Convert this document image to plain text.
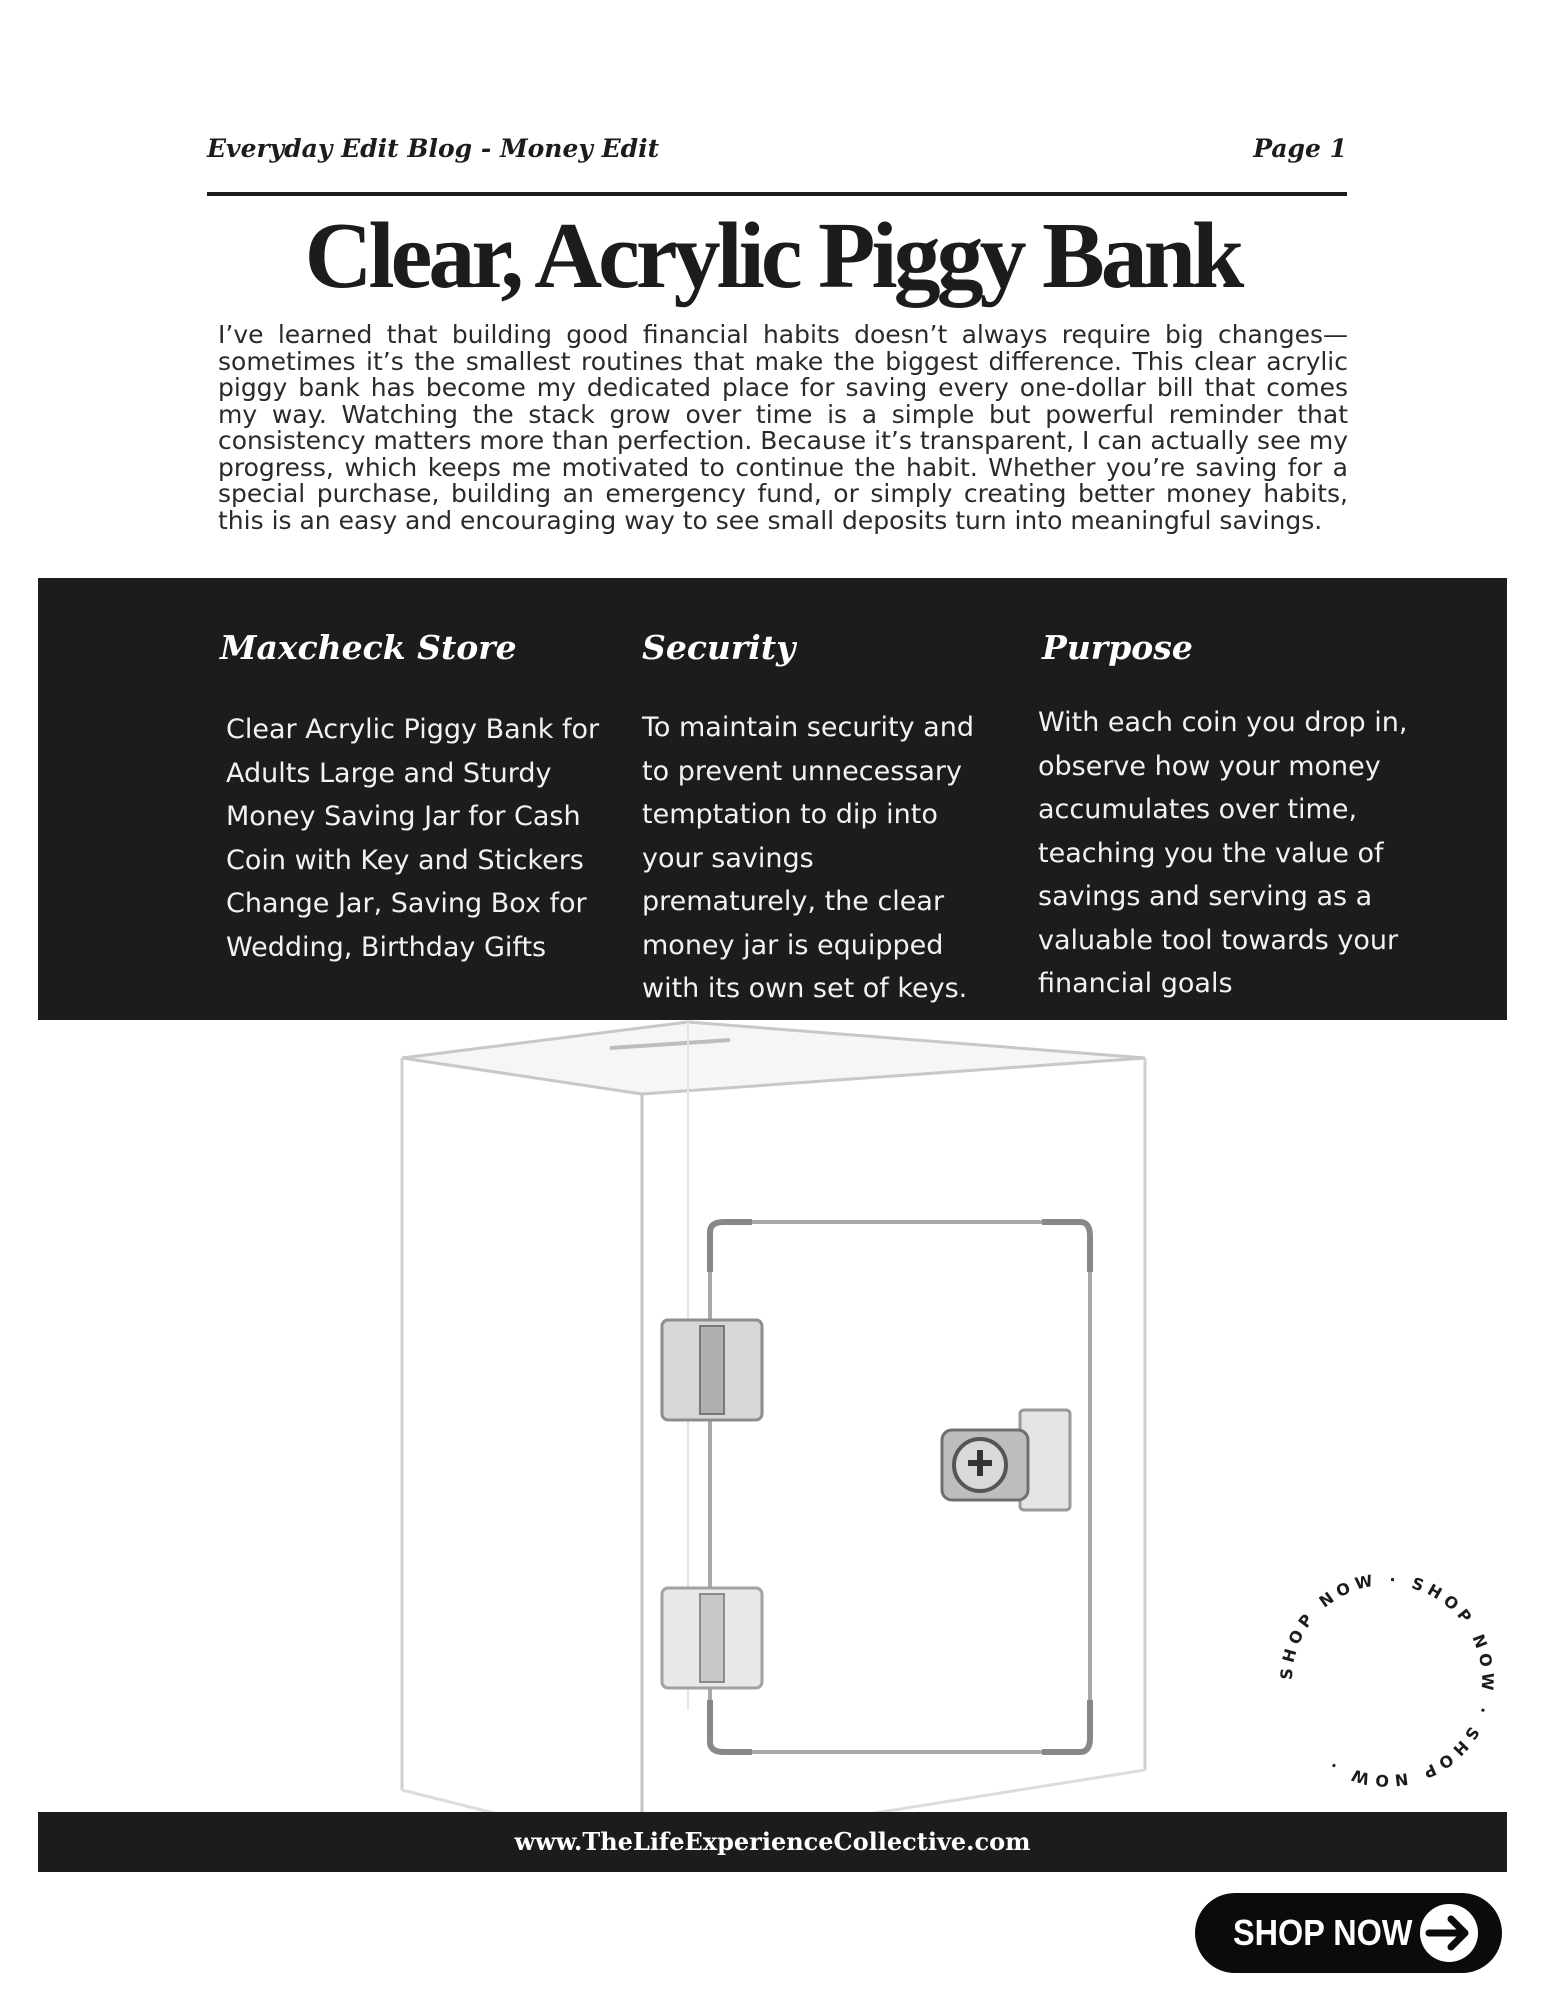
Everyday Edit Blog - Money Edit	Page 1
Clear, Acrylic Piggy Bank

I’ve learned that building good financial habits doesn’t always require big changes—sometimes it’s the smallest routines that make the biggest difference. This clear acrylic piggy bank has become my dedicated place for saving every one-dollar bill that comes my way. Watching the stack grow over time is a simple but powerful reminder that consistency matters more than perfection. Because it’s transparent, I can actually see my progress, which keeps me motivated to continue the habit. Whether you’re saving for a special purchase, building an emergency fund, or simply creating better money habits, this is an easy and encouraging way to see small deposits turn into meaningful savings.

Maxcheck Store

Clear Acrylic Piggy Bank for Adults Large and Sturdy Money Saving Jar for Cash Coin with Key and Stickers Change Jar, Saving Box for Wedding, Birthday Gifts

Security

To maintain security and to prevent unnecessary temptation to dip into your savings prematurely, the clear money jar is equipped with its own set of keys.

Purpose

With each coin you drop in, observe how your money accumulates over time, teaching you the value of savings and serving as a valuable tool towards your financial goals

SHOP NOW · SHOP NOW · SHOP NOW ·
www.TheLifeExperienceCollective.com
SHOP NOW
